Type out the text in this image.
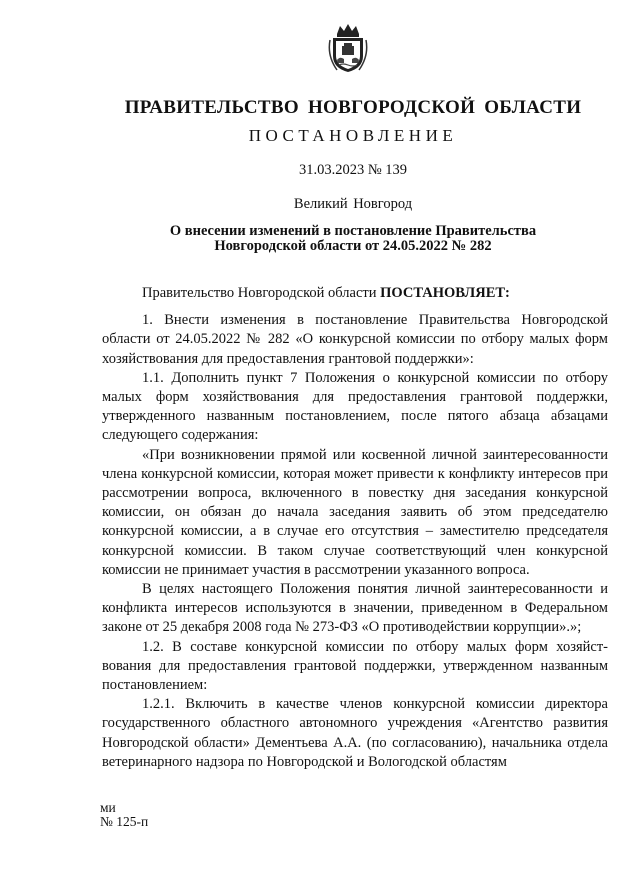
ПРАВИТЕЛЬСТВО НОВГОРОДСКОЙ ОБЛАСТИ
ПОСТАНОВЛЕНИЕ
31.03.2023 № 139
Великий Новгород
О внесении изменений в постановление Правительства
Новгородской области от 24.05.2022 № 282

Правительство Новгородской области ПОСТАНОВЛЯЕТ:

1. Внести изменения в постановление Правительства Новгородской области от 24.05.2022 № 282 «О конкурсной комиссии по отбору малых форм хозяйствования для предоставления грантовой поддержки»:

1.1. Дополнить пункт 7 Положения о конкурсной комиссии по отбору малых форм хозяйствования для предоставления грантовой поддержки, утвержденного названным постановлением, после пятого абзаца абзацами следующего содержания:

«При возникновении прямой или косвенной личной заинтересованности члена конкурсной комиссии, которая может привести к конфликту интересов при рассмотрении вопроса, включенного в повестку дня заседания конкурсной комиссии, он обязан до начала заседания заявить об этом председателю конкурсной комиссии, а в случае его отсутствия – заместителю председателя конкурсной комиссии. В таком случае соответствующий член конкурсной комиссии не принимает участия в рассмотрении указанного вопроса.

В целях настоящего Положения понятия личной заинтересованности и конфликта интересов используются в значении, приведенном в Федеральном законе от 25 декабря 2008 года № 273-ФЗ «О противодействии коррупции».»;

1.2. В составе конкурсной комиссии по отбору малых форм хозяйст-вования для предоставления грантовой поддержки, утвержденном названным постановлением:

1.2.1. Включить в качестве членов конкурсной комиссии директора государственного областного автономного учреждения «Агентство развития Новгородской области» Дементьева А.А. (по согласованию), начальника отдела ветеринарного надзора по Новгородской и Вологодской областям

ми
№ 125-п
